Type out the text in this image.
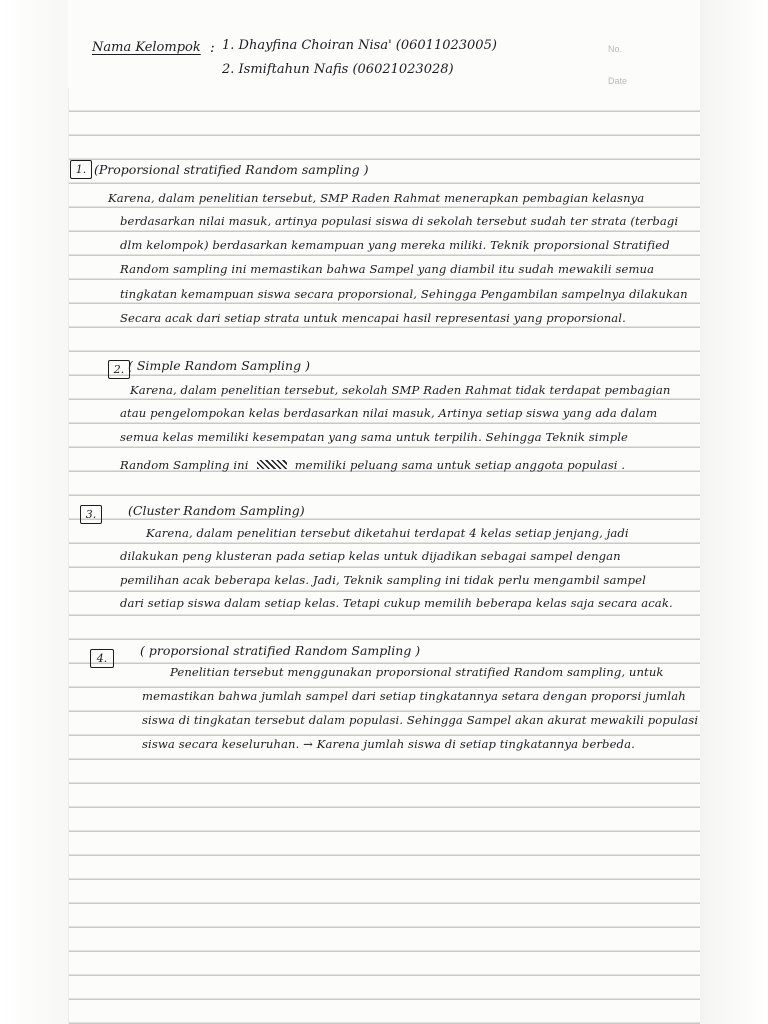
No.
Date
Nama Kelompok : 1. Dhayfina Choiran Nisa' (06011023005)
2. Ismiftahun Nafis (06021023028)
1. (Proporsional stratified Random sampling )
Karena, dalam penelitian tersebut, SMP Raden Rahmat menerapkan pembagian kelasnya
berdasarkan nilai masuk, artinya populasi siswa di sekolah tersebut sudah ter strata (terbagi
dlm kelompok) berdasarkan kemampuan yang mereka miliki. Teknik proporsional Stratified
Random sampling ini memastikan bahwa Sampel yang diambil itu sudah mewakili semua
tingkatan kemampuan siswa secara proporsional, Sehingga Pengambilan sampelnya dilakukan
Secara acak dari setiap strata untuk mencapai hasil representasi yang proporsional.
2. ( Simple Random Sampling )
Karena, dalam penelitian tersebut, sekolah SMP Raden Rahmat tidak terdapat pembagian
atau pengelompokan kelas berdasarkan nilai masuk, Artinya setiap siswa yang ada dalam
semua kelas memiliki kesempatan yang sama untuk terpilih. Sehingga Teknik simple
Random Sampling ini	memiliki peluang sama untuk setiap anggota populasi .
3.	(Cluster Random Sampling)
Karena, dalam penelitian tersebut diketahui terdapat 4 kelas setiap jenjang, jadi
dilakukan peng klusteran pada setiap kelas untuk dijadikan sebagai sampel dengan
pemilihan acak beberapa kelas. Jadi, Teknik sampling ini tidak perlu mengambil sampel
dari setiap siswa dalam setiap kelas. Tetapi cukup memilih beberapa kelas saja secara acak.
4.
( proporsional stratified Random Sampling )
Penelitian tersebut menggunakan proporsional stratified Random sampling, untuk
memastikan bahwa jumlah sampel dari setiap tingkatannya setara dengan proporsi jumlah
siswa di tingkatan tersebut dalam populasi. Sehingga Sampel akan akurat mewakili populasi
siswa secara keseluruhan. → Karena jumlah siswa di setiap tingkatannya berbeda.
